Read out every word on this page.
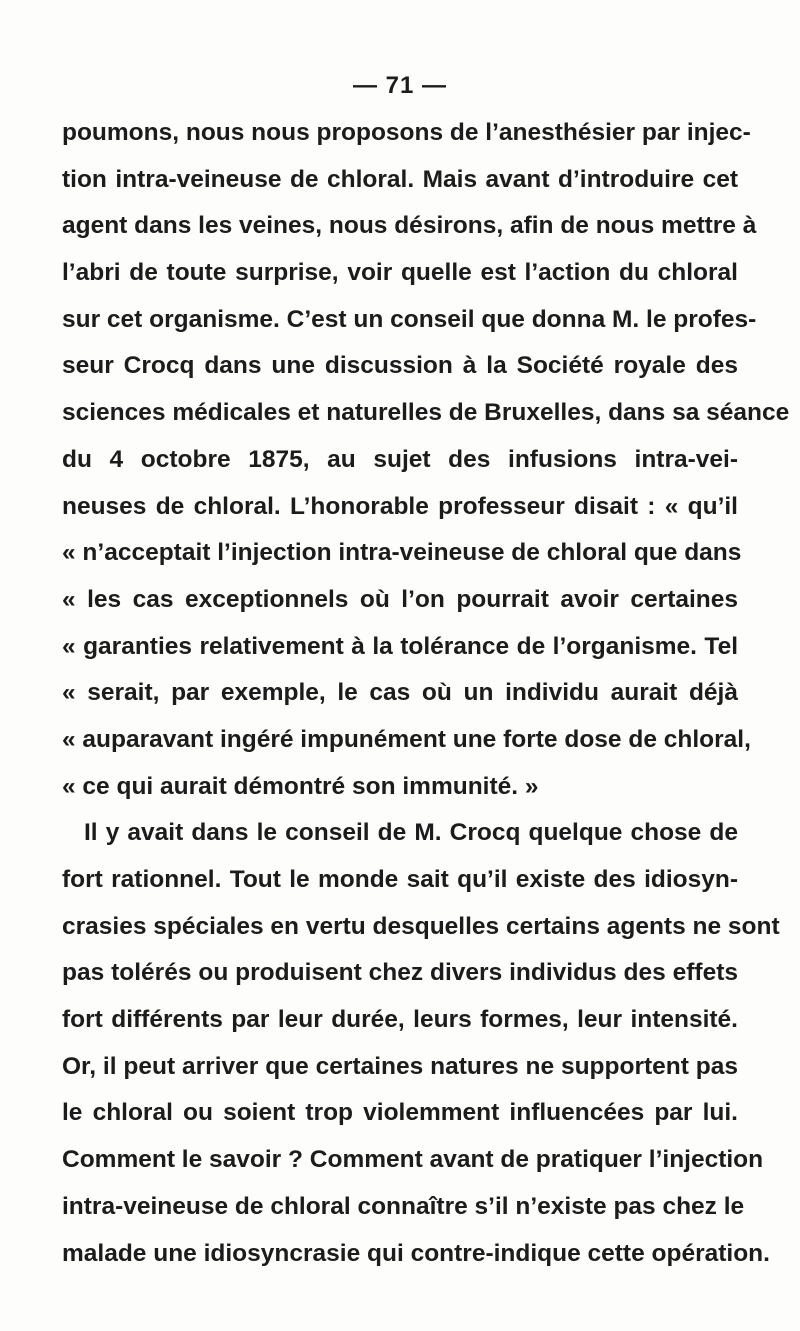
— 71 —
poumons, nous nous proposons de l’anesthésier par injec-
tion intra-veineuse de chloral. Mais avant d’introduire cet
agent dans les veines, nous désirons, afin de nous mettre à
l’abri de toute surprise, voir quelle est l’action du chloral
sur cet organisme. C’est un conseil que donna M. le profes-
seur Crocq dans une discussion à la Société royale des
sciences médicales et naturelles de Bruxelles, dans sa séance
du 4 octobre 1875, au sujet des infusions intra-vei-
neuses de chloral. L’honorable professeur disait : « qu’il
« n’acceptait l’injection intra-veineuse de chloral que dans
« les cas exceptionnels où l’on pourrait avoir certaines
« garanties relativement à la tolérance de l’organisme. Tel
« serait, par exemple, le cas où un individu aurait déjà
« auparavant ingéré impunément une forte dose de chloral,
« ce qui aurait démontré son immunité. »
Il y avait dans le conseil de M. Crocq quelque chose de
fort rationnel. Tout le monde sait qu’il existe des idiosyn-
crasies spéciales en vertu desquelles certains agents ne sont
pas tolérés ou produisent chez divers individus des effets
fort différents par leur durée, leurs formes, leur intensité.
Or, il peut arriver que certaines natures ne supportent pas
le chloral ou soient trop violemment influencées par lui.
Comment le savoir ? Comment avant de pratiquer l’injection
intra-veineuse de chloral connaître s’il n’existe pas chez le
malade une idiosyncrasie qui contre-indique cette opération.
